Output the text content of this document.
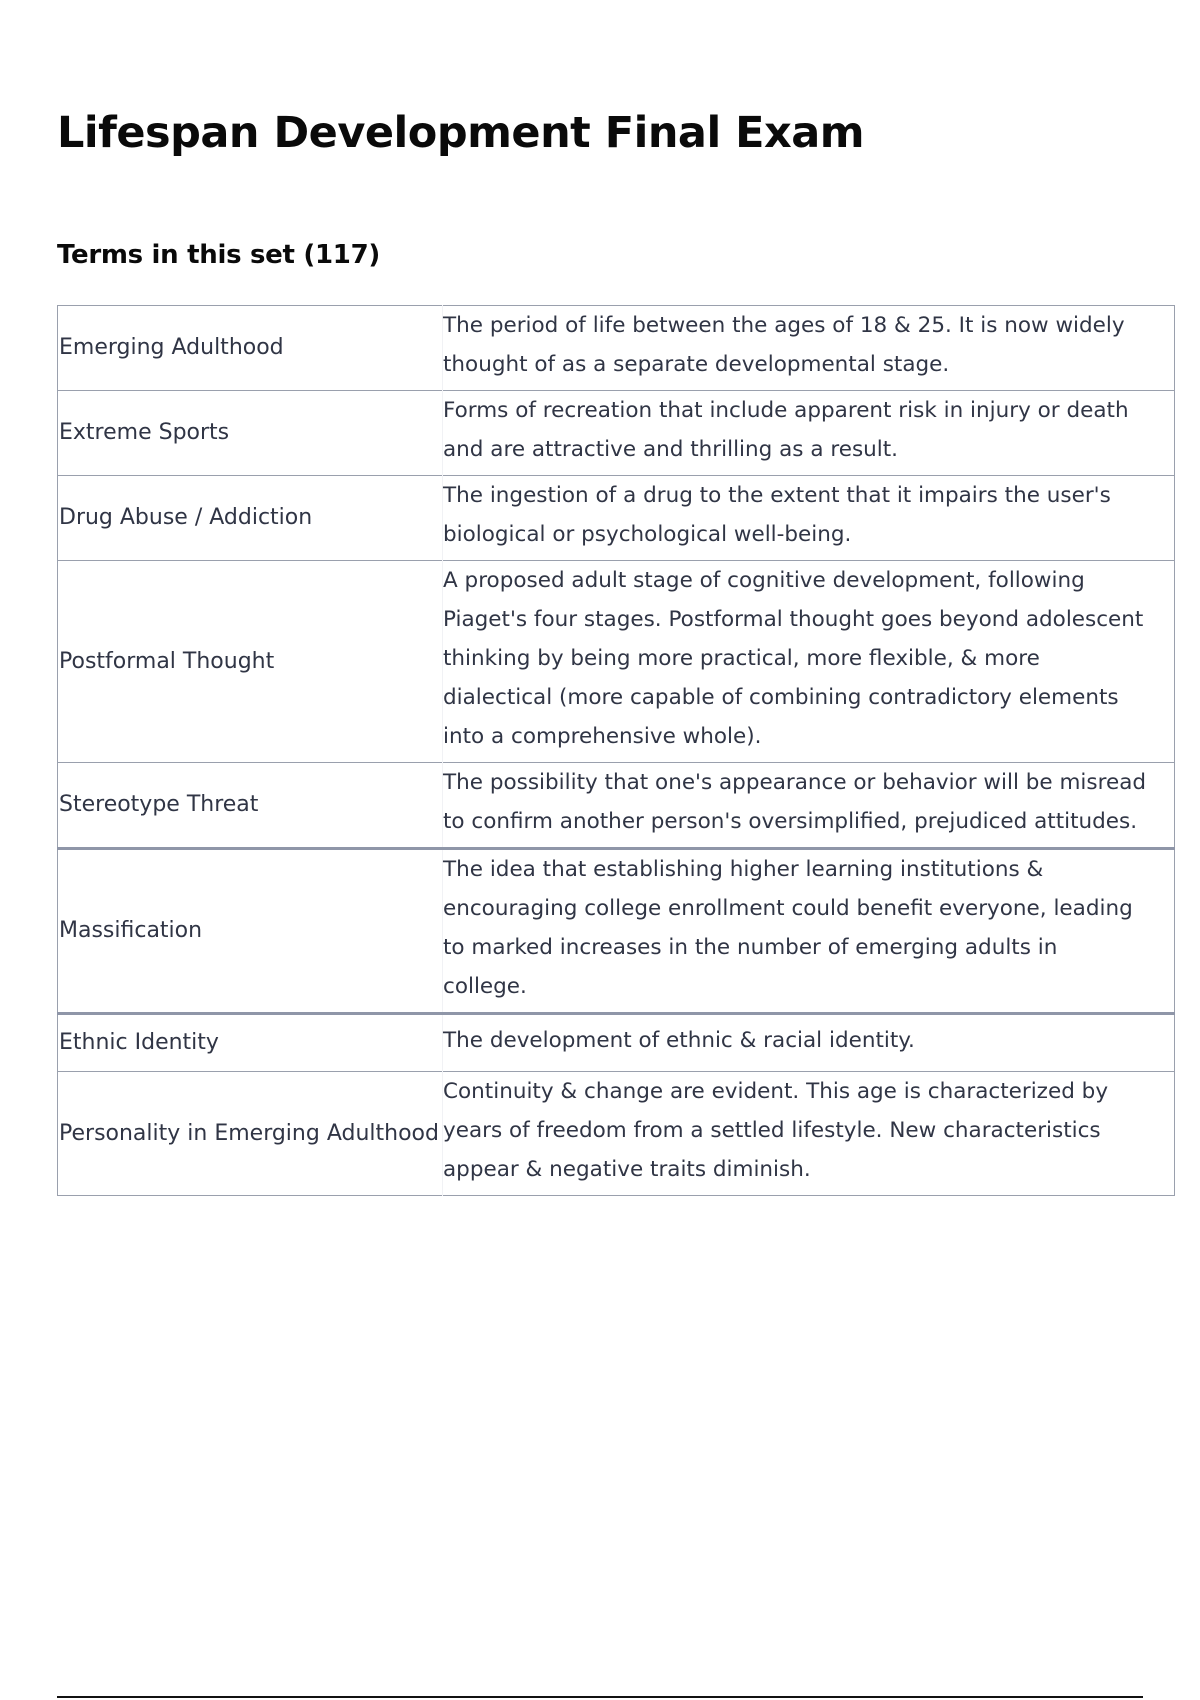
Lifespan Development Final Exam
Terms in this set (117)
Emerging Adulthood	The period of life between the ages of 18 & 25. It is now widely thought of as a separate developmental stage.
Extreme Sports	Forms of recreation that include apparent risk in injury or death and are attractive and thrilling as a result.
Drug Abuse / Addiction	The ingestion of a drug to the extent that it impairs the user's biological or psychological well-being.
Postformal Thought	A proposed adult stage of cognitive development, following Piaget's four stages. Postformal thought goes beyond adolescent thinking by being more practical, more flexible, & more dialectical (more capable of combining contradictory elements into a comprehensive whole).
Stereotype Threat	The possibility that one's appearance or behavior will be misread to confirm another person's oversimplified, prejudiced attitudes.
Massification	The idea that establishing higher learning institutions & encouraging college enrollment could benefit everyone, leading to marked increases in the number of emerging adults in college.
Ethnic Identity	The development of ethnic & racial identity.
Personality in Emerging Adulthood	Continuity & change are evident. This age is characterized by years of freedom from a settled lifestyle. New characteristics appear & negative traits diminish.
